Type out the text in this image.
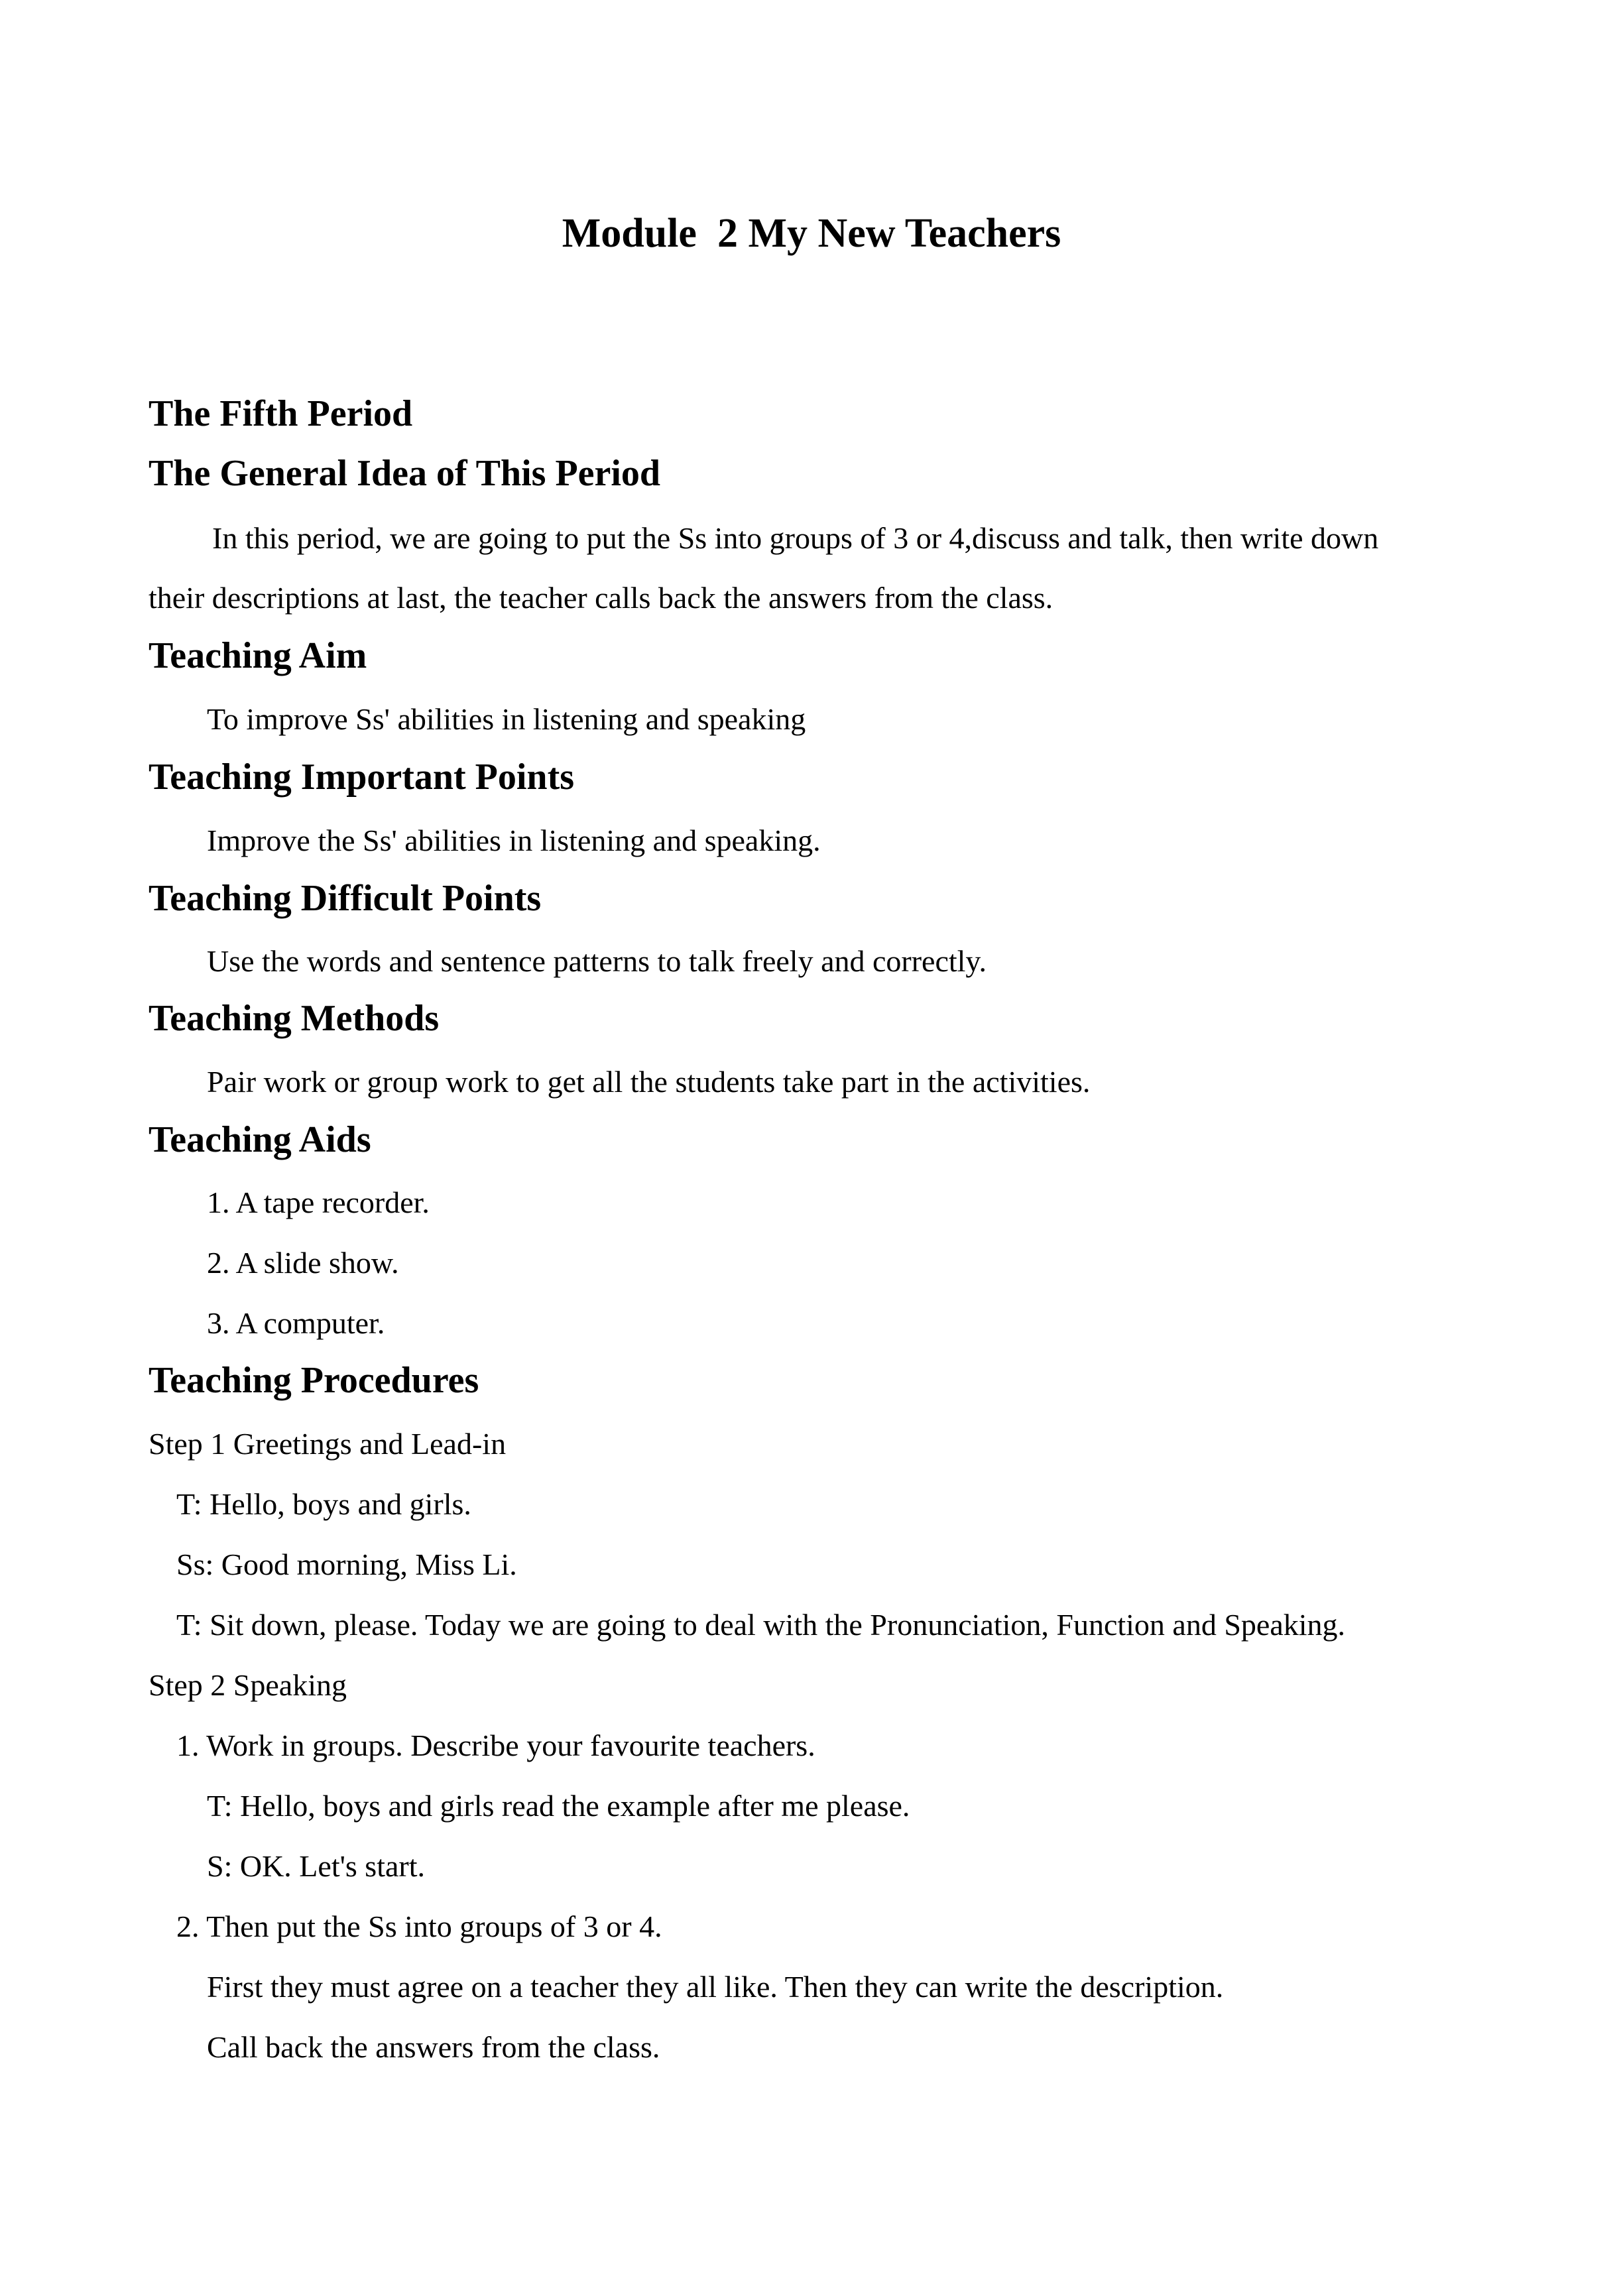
Module  2 My New Teachers
The Fifth Period
The General Idea of This Period
In this period, we are going to put the Ss into groups of 3 or 4,discuss and talk, then write down
their descriptions at last, the teacher calls back the answers from the class.
Teaching Aim
To improve Ss' abilities in listening and speaking
Teaching Important Points
Improve the Ss' abilities in listening and speaking.
Teaching Difficult Points
Use the words and sentence patterns to talk freely and correctly.
Teaching Methods
Pair work or group work to get all the students take part in the activities.
Teaching Aids
1. A tape recorder.
2. A slide show.
3. A computer.
Teaching Procedures
Step 1 Greetings and Lead-in
T: Hello, boys and girls.
Ss: Good morning, Miss Li.
T: Sit down, please. Today we are going to deal with the Pronunciation, Function and Speaking.
Step 2 Speaking
1. Work in groups. Describe your favourite teachers.
T: Hello, boys and girls read the example after me please.
S: OK. Let's start.
2. Then put the Ss into groups of 3 or 4.
First they must agree on a teacher they all like. Then they can write the description.
Call back the answers from the class.
